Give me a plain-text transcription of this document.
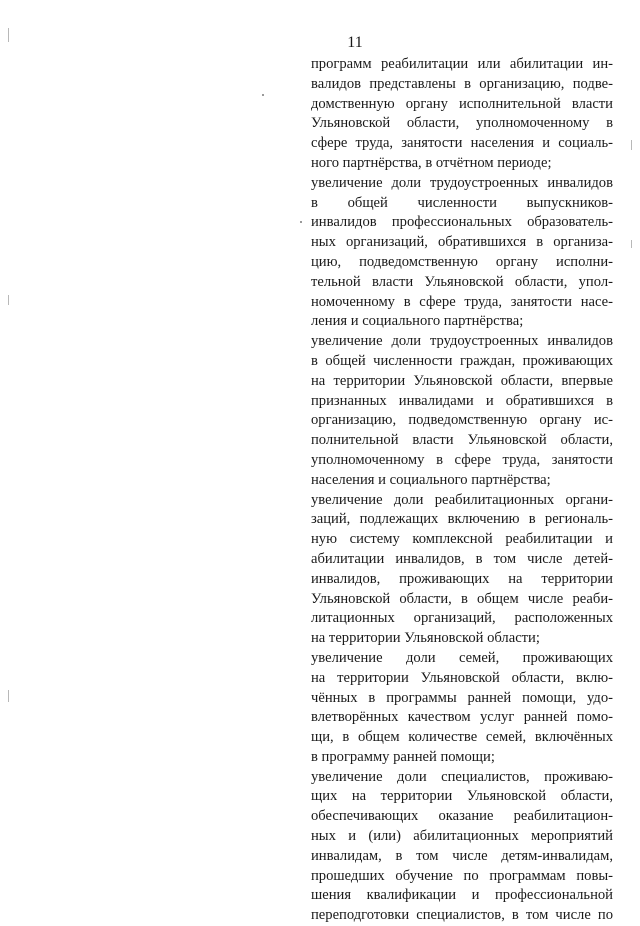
11
программ реабилитации или абилитации ин-
валидов представлены в организацию, подве-
домственную органу исполнительной власти
Ульяновской области, уполномоченному в
сфере труда, занятости населения и социаль-
ного партнёрства, в отчётном периоде;
увеличение доли трудоустроенных инвалидов
в общей численности выпускников-
инвалидов профессиональных образователь-
ных организаций, обратившихся в организа-
цию, подведомственную органу исполни-
тельной власти Ульяновской области, упол-
номоченному в сфере труда, занятости насе-
ления и социального партнёрства;
увеличение доли трудоустроенных инвалидов
в общей численности граждан, проживающих
на территории Ульяновской области, впервые
признанных инвалидами и обратившихся в
организацию, подведомственную органу ис-
полнительной власти Ульяновской области,
уполномоченному в сфере труда, занятости
населения и социального партнёрства;
увеличение доли реабилитационных органи-
заций, подлежащих включению в региональ-
ную систему комплексной реабилитации и
абилитации инвалидов, в том числе детей-
инвалидов, проживающих на территории
Ульяновской области, в общем числе реаби-
литационных организаций, расположенных
на территории Ульяновской области;
увеличение доли семей, проживающих
на территории Ульяновской области, вклю-
чённых в программы ранней помощи, удо-
влетворённых качеством услуг ранней помо-
щи, в общем количестве семей, включённых
в программу ранней помощи;
увеличение доли специалистов, проживаю-
щих на территории Ульяновской области,
обеспечивающих оказание реабилитацион-
ных и (или) абилитационных мероприятий
инвалидам, в том числе детям-инвалидам,
прошедших обучение по программам повы-
шения квалификации и профессиональной
переподготовки специалистов, в том числе по
